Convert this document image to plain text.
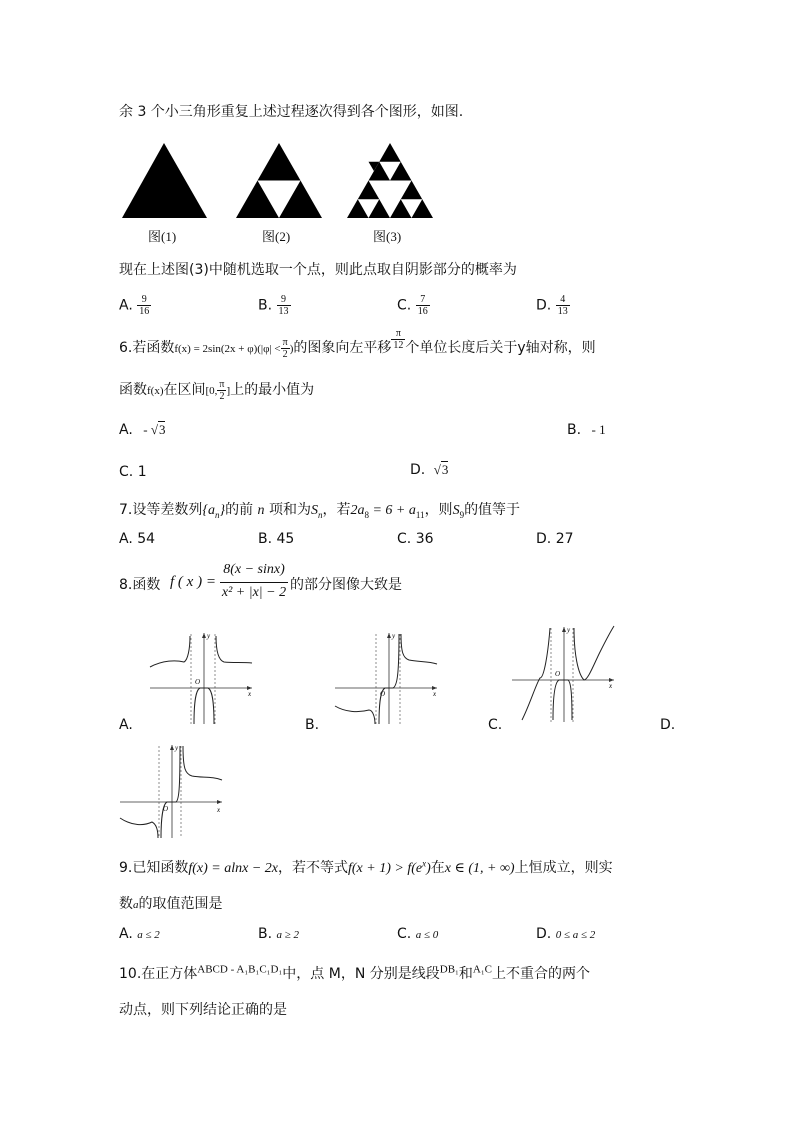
余 3 个小三角形重复上述过程逐次得到各个图形，如图.
图(1)	图(2)	图(3)
现在上述图(3)中随机选取一个点，则此点取自阴影部分的概率为
A. $\frac{9}{16}$	B. $\frac{9}{13}$	C. $\frac{7}{16}$	D. $\frac{4}{13}$
6.若函数$f(x) = 2\sin(2x + \varphi)(|\varphi| < \frac{\pi}{2}$ )的图象向左平移 $\frac{\pi}{12}$ 个单位长度后关于y轴对称，则
函数f(x)在区间[0, $\frac{\pi}{2}$ ]上的最小值为
A. - √3	B. - 1
C. 1	D. √3
7.设等差数列$\{a_n\}$的前 n 项和为$S_n$，若$2a_8 = 6 + a_{11}$，则$S_9$的值等于
A. 54	B. 45	C. 36	D. 27
8.函数 f ( x ) =
8(x − sinx)
x² + |x| − 2 的部分图像大致是
x
y
O
A.
x
y
O
B.
x
y
O
C.	D.
x
y
O
9.已知函数f(x) = alnx − 2x，若不等式$f(x + 1) > f(e^x)$在x ∈ (1, + ∞)上恒成立，则实
数a的取值范围是
A. a ≤ 2	B. a ≥ 2	C. a ≤ 0	D. 0 ≤ a ≤ 2
10.在正方体$^{ABCD - A_1B_1C_1D_1}$中，点 M，N 分别是线段$^{DB_1}$和$^{A_1C}$上不重合的两个
动点，则下列结论正确的是
